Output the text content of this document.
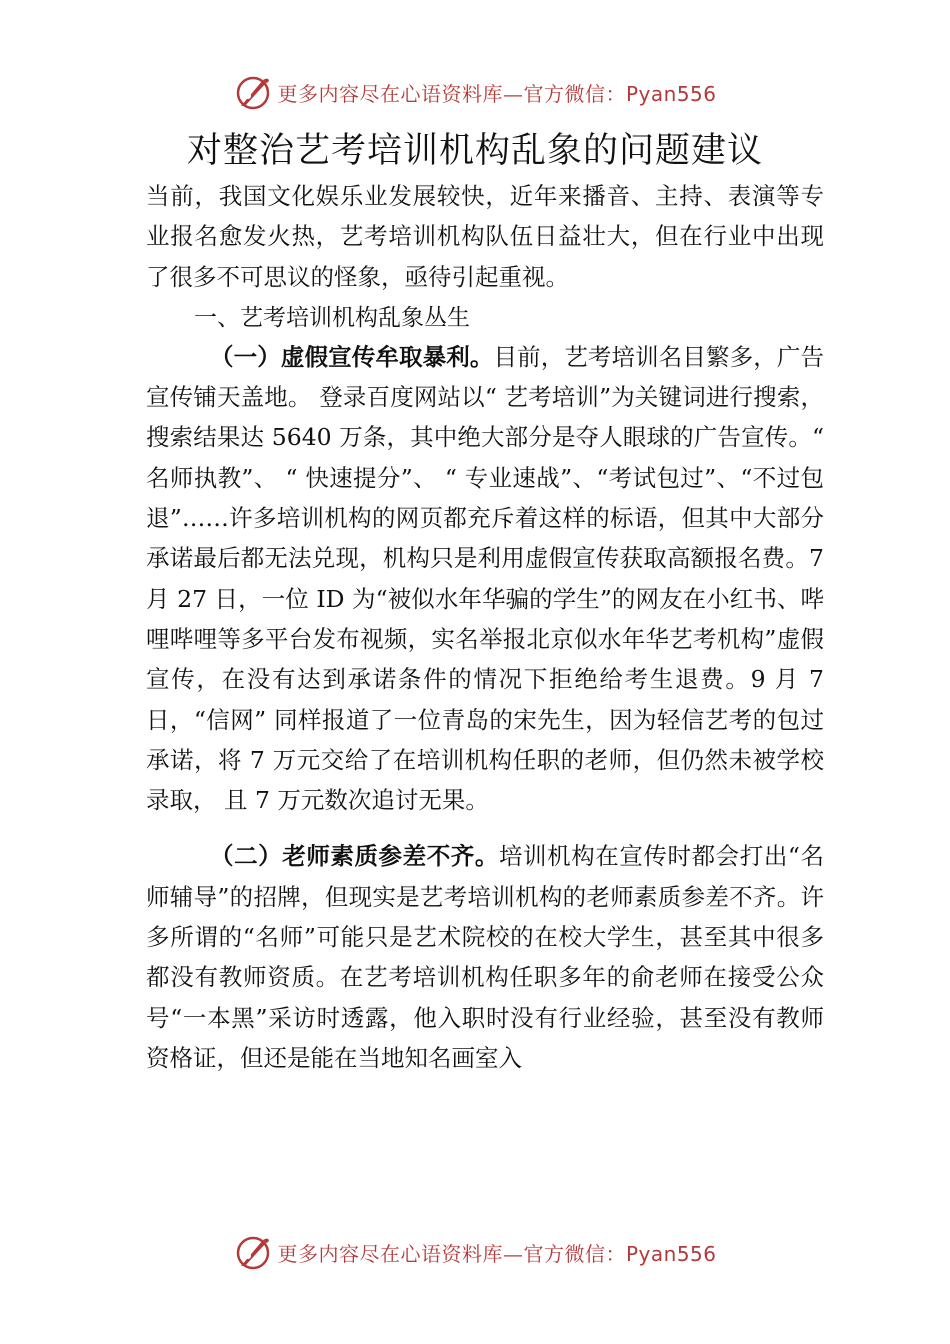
更多内容尽在心语资料库—官方微信：Pyan556
对整治艺考培训机构乱象的问题建议

当前，我国文化娱乐业发展较快，近年来播音、主持、表演等专业报名愈发火热，艺考培训机构队伍日益壮大，但在行业中出现了很多不可思议的怪象，亟待引起重视。

一、艺考培训机构乱象丛生

（一）虚假宣传牟取暴利。目前，艺考培训名目繁多，广告宣传铺天盖地。 登录百度网站以“ 艺考培训”为关键词进行搜索，搜索结果达 5640 万条，其中绝大部分是夺人眼球的广告宣传。“ 名师执教”、 “ 快速提分”、 “ 专业速战”、“考试包过”、“不过包退”……许多培训机构的网页都充斥着这样的标语，但其中大部分承诺最后都无法兑现，机构只是利用虚假宣传获取高额报名费。7 月 27 日，一位 ID 为“被似水年华骗的学生”的网友在小红书、哔哩哔哩等多平台发布视频，实名举报北京似水年华艺考机构”虚假宣传，在没有达到承诺条件的情况下拒绝给考生退费。9 月 7 日，“信网” 同样报道了一位青岛的宋先生，因为轻信艺考的包过承诺，将 7 万元交给了在培训机构任职的老师，但仍然未被学校录取， 且 7 万元数次追讨无果。

（二）老师素质参差不齐。培训机构在宣传时都会打出“名师辅导”的招牌，但现实是艺考培训机构的老师素质参差不齐。许多所谓的“名师”可能只是艺术院校的在校大学生，甚至其中很多都没有教师资质。在艺考培训机构任职多年的俞老师在接受公众号“一本黑”采访时透露，他入职时没有行业经验，甚至没有教师资格证，但还是能在当地知名画室入

更多内容尽在心语资料库—官方微信：Pyan556
